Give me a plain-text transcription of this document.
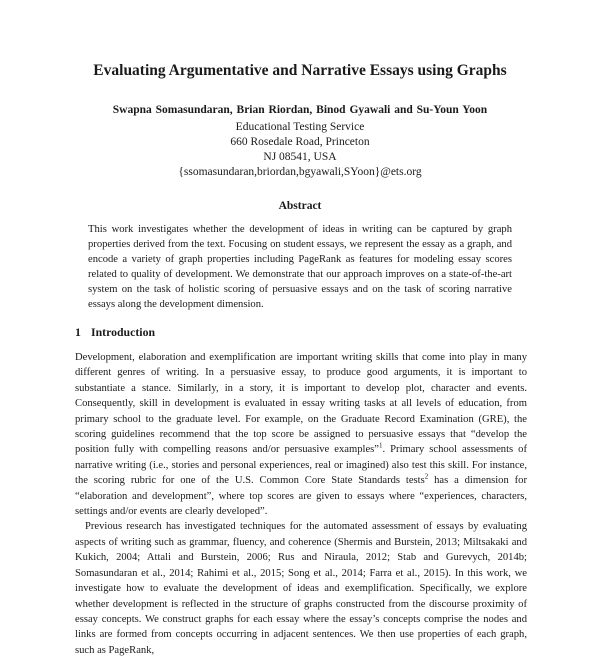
Evaluating Argumentative and Narrative Essays using Graphs
Swapna Somasundaran, Brian Riordan, Binod Gyawali and Su-Youn Yoon
Educational Testing Service
660 Rosedale Road, Princeton
NJ 08541, USA
{ssomasundaran,briordan,bgyawali,SYoon}@ets.org
Abstract
This work investigates whether the development of ideas in writing can be captured by graph properties derived from the text. Focusing on student essays, we represent the essay as a graph, and encode a variety of graph properties including PageRank as features for modeling essay scores related to quality of development. We demonstrate that our approach improves on a state-of-the-art system on the task of holistic scoring of persuasive essays and on the task of scoring narrative essays along the development dimension.
1 Introduction

Development, elaboration and exemplification are important writing skills that come into play in many different genres of writing. In a persuasive essay, to produce good arguments, it is important to substantiate a stance. Similarly, in a story, it is important to develop plot, character and events. Consequently, skill in development is evaluated in essay writing tasks at all levels of education, from primary school to the graduate level. For example, on the Graduate Record Examination (GRE), the scoring guidelines recommend that the top score be assigned to persuasive essays that “develop the position fully with compelling reasons and/or persuasive examples”$^1$. Primary school assessments of narrative writing (i.e., stories and personal experiences, real or imagined) also test this skill. For instance, the scoring rubric for one of the U.S. Common Core State Standards tests$^2$ has a dimension for “elaboration and development”, where top scores are given to essays where “experiences, characters, settings and/or events are clearly developed”.

Previous research has investigated techniques for the automated assessment of essays by evaluating aspects of writing such as grammar, fluency, and coherence (Shermis and Burstein, 2013; Miltsakaki and Kukich, 2004; Attali and Burstein, 2006; Rus and Niraula, 2012; Stab and Gurevych, 2014b; Somasundaran et al., 2014; Rahimi et al., 2015; Song et al., 2014; Farra et al., 2015). In this work, we investigate how to evaluate the development of ideas and exemplification. Specifically, we explore whether development is reflected in the structure of graphs constructed from the discourse proximity of essay concepts. We construct graphs for each essay where the essay’s concepts comprise the nodes and links are formed from concepts occurring in adjacent sentences. We then use properties of each graph, such as PageRank,
